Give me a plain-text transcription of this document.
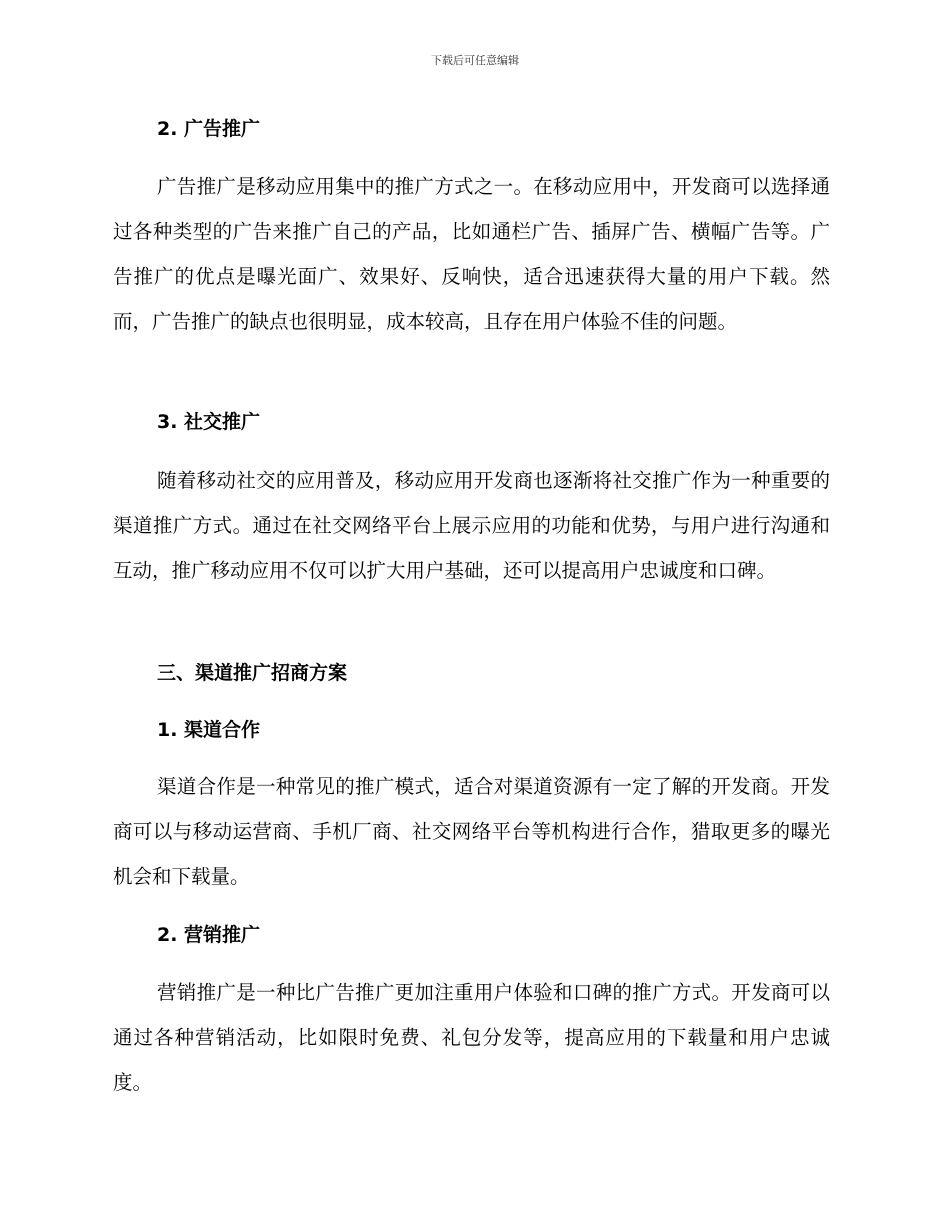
下载后可任意编辑
2. 广告推广
广告推广是移动应用集中的推广方式之一。在移动应用中，开发商可以选择通过各种类型的广告来推广自己的产品，比如通栏广告、插屏广告、横幅广告等。广告推广的优点是曝光面广、效果好、反响快，适合迅速获得大量的用户下载。然而，广告推广的缺点也很明显，成本较高，且存在用户体验不佳的问题。
3. 社交推广
随着移动社交的应用普及，移动应用开发商也逐渐将社交推广作为一种重要的渠道推广方式。通过在社交网络平台上展示应用的功能和优势，与用户进行沟通和互动，推广移动应用不仅可以扩大用户基础，还可以提高用户忠诚度和口碑。
三、渠道推广招商方案
1. 渠道合作
渠道合作是一种常见的推广模式，适合对渠道资源有一定了解的开发商。开发商可以与移动运营商、手机厂商、社交网络平台等机构进行合作，猎取更多的曝光机会和下载量。
2. 营销推广
营销推广是一种比广告推广更加注重用户体验和口碑的推广方式。开发商可以通过各种营销活动，比如限时免费、礼包分发等，提高应用的下载量和用户忠诚度。
